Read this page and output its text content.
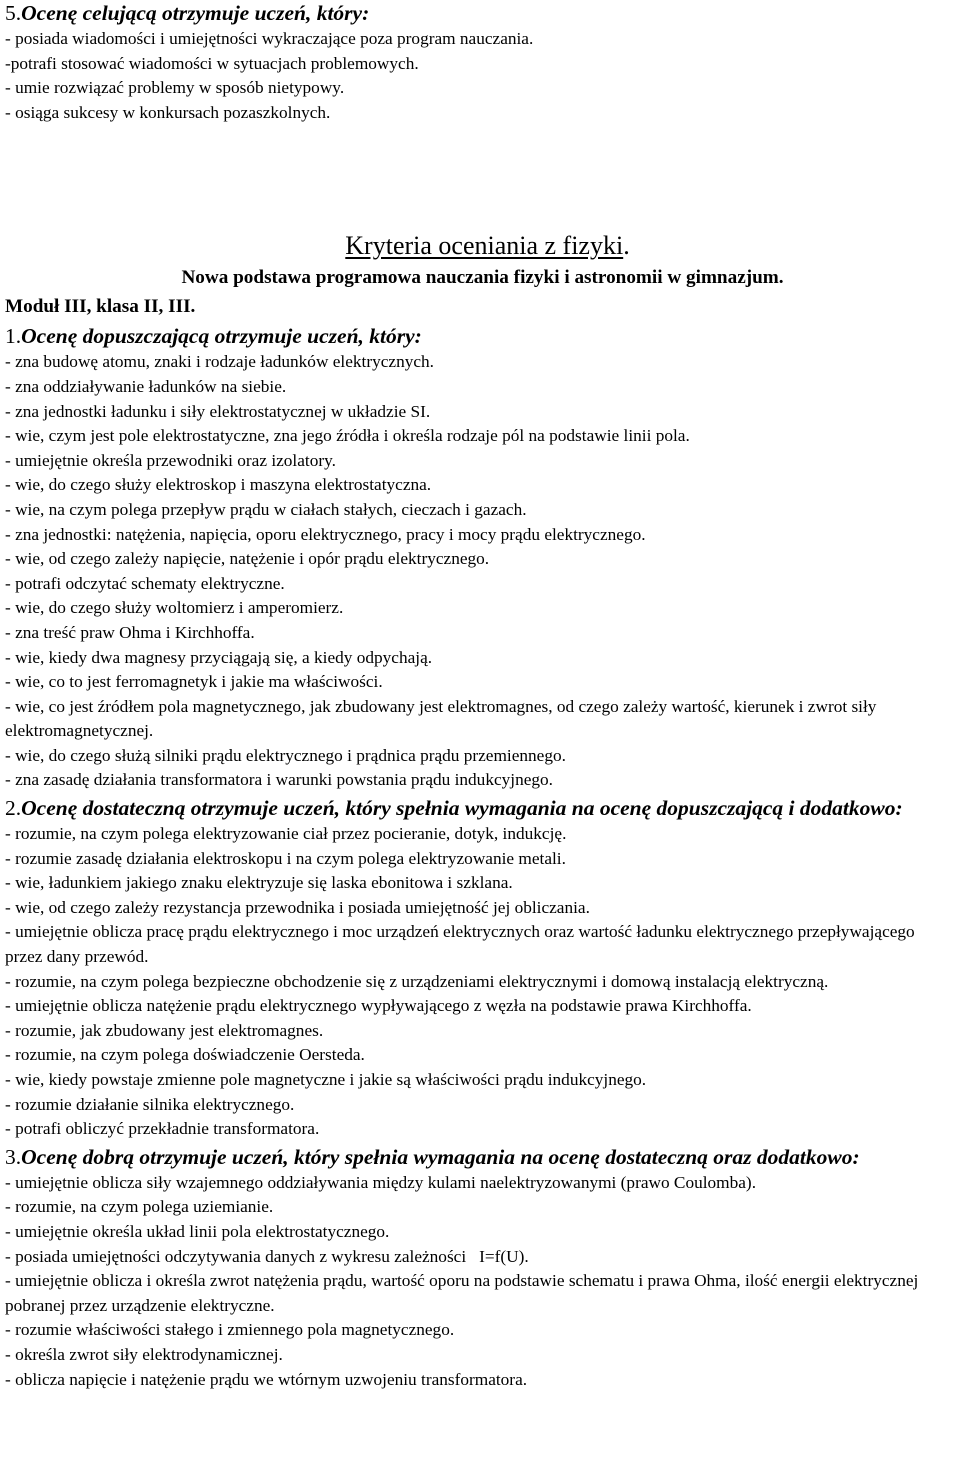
5.Ocenę celującą otrzymuje uczeń, który:
- posiada wiadomości i umiejętności wykraczające poza program nauczania.
-potrafi stosować wiadomości w sytuacjach problemowych.
- umie rozwiązać problemy w sposób nietypowy.
- osiąga sukcesy w konkursach pozaszkolnych.
Kryteria oceniania z fizyki.
Nowa podstawa programowa nauczania fizyki i astronomii w gimnazjum.
Moduł III, klasa II, III.
1.Ocenę dopuszczającą otrzymuje uczeń, który:
- zna budowę atomu, znaki i rodzaje ładunków elektrycznych.
- zna oddziaływanie ładunków na siebie.
- zna jednostki ładunku i siły elektrostatycznej w układzie SI.
- wie, czym jest pole elektrostatyczne, zna jego źródła i określa rodzaje pól na podstawie linii pola.
- umiejętnie określa przewodniki oraz izolatory.
- wie, do czego służy elektroskop i maszyna elektrostatyczna.
- wie, na czym polega przepływ prądu w ciałach stałych, cieczach i gazach.
- zna jednostki: natężenia, napięcia, oporu elektrycznego, pracy i mocy prądu elektrycznego.
- wie, od czego zależy napięcie, natężenie i opór prądu elektrycznego.
- potrafi odczytać schematy elektryczne.
- wie, do czego służy woltomierz i amperomierz.
- zna treść praw Ohma i Kirchhoffa.
- wie, kiedy dwa magnesy przyciągają się, a kiedy odpychają.
- wie, co to jest ferromagnetyk i jakie ma właściwości.
- wie, co jest źródłem pola magnetycznego, jak zbudowany jest elektromagnes, od czego zależy wartość, kierunek i zwrot siły elektromagnetycznej.
- wie, do czego służą silniki prądu elektrycznego i prądnica prądu przemiennego.
- zna zasadę działania transformatora i warunki powstania prądu indukcyjnego.
2.Ocenę dostateczną otrzymuje uczeń, który spełnia wymagania na ocenę dopuszczającą i dodatkowo:
- rozumie, na czym polega elektryzowanie ciał przez pocieranie, dotyk, indukcję.
- rozumie zasadę działania elektroskopu i na czym polega elektryzowanie metali.
- wie, ładunkiem jakiego znaku elektryzuje się laska ebonitowa i szklana.
- wie, od czego zależy rezystancja przewodnika i posiada umiejętność jej obliczania.
- umiejętnie oblicza pracę prądu elektrycznego i moc urządzeń elektrycznych oraz wartość ładunku elektrycznego przepływającego przez dany przewód.
- rozumie, na czym polega bezpieczne obchodzenie się z urządzeniami elektrycznymi i domową instalacją elektryczną.
- umiejętnie oblicza natężenie prądu elektrycznego wypływającego z węzła na podstawie prawa Kirchhoffa.
- rozumie, jak zbudowany jest elektromagnes.
- rozumie, na czym polega doświadczenie Oersteda.
- wie, kiedy powstaje zmienne pole magnetyczne i jakie są właściwości prądu indukcyjnego.
- rozumie działanie silnika elektrycznego.
- potrafi obliczyć przekładnie transformatora.
3.Ocenę dobrą otrzymuje uczeń, który spełnia wymagania na ocenę dostateczną oraz dodatkowo:
- umiejętnie oblicza siły wzajemnego oddziaływania między kulami naelektryzowanymi (prawo Coulomba).
- rozumie, na czym polega uziemianie.
- umiejętnie określa układ linii pola elektrostatycznego.
- posiada umiejętności odczytywania danych z wykresu zależności   I=f(U).
- umiejętnie oblicza i określa zwrot natężenia prądu, wartość oporu na podstawie schematu i prawa Ohma, ilość energii elektrycznej pobranej przez urządzenie elektryczne.
- rozumie właściwości stałego i zmiennego pola magnetycznego.
- określa zwrot siły elektrodynamicznej.
- oblicza napięcie i natężenie prądu we wtórnym uzwojeniu transformatora.
